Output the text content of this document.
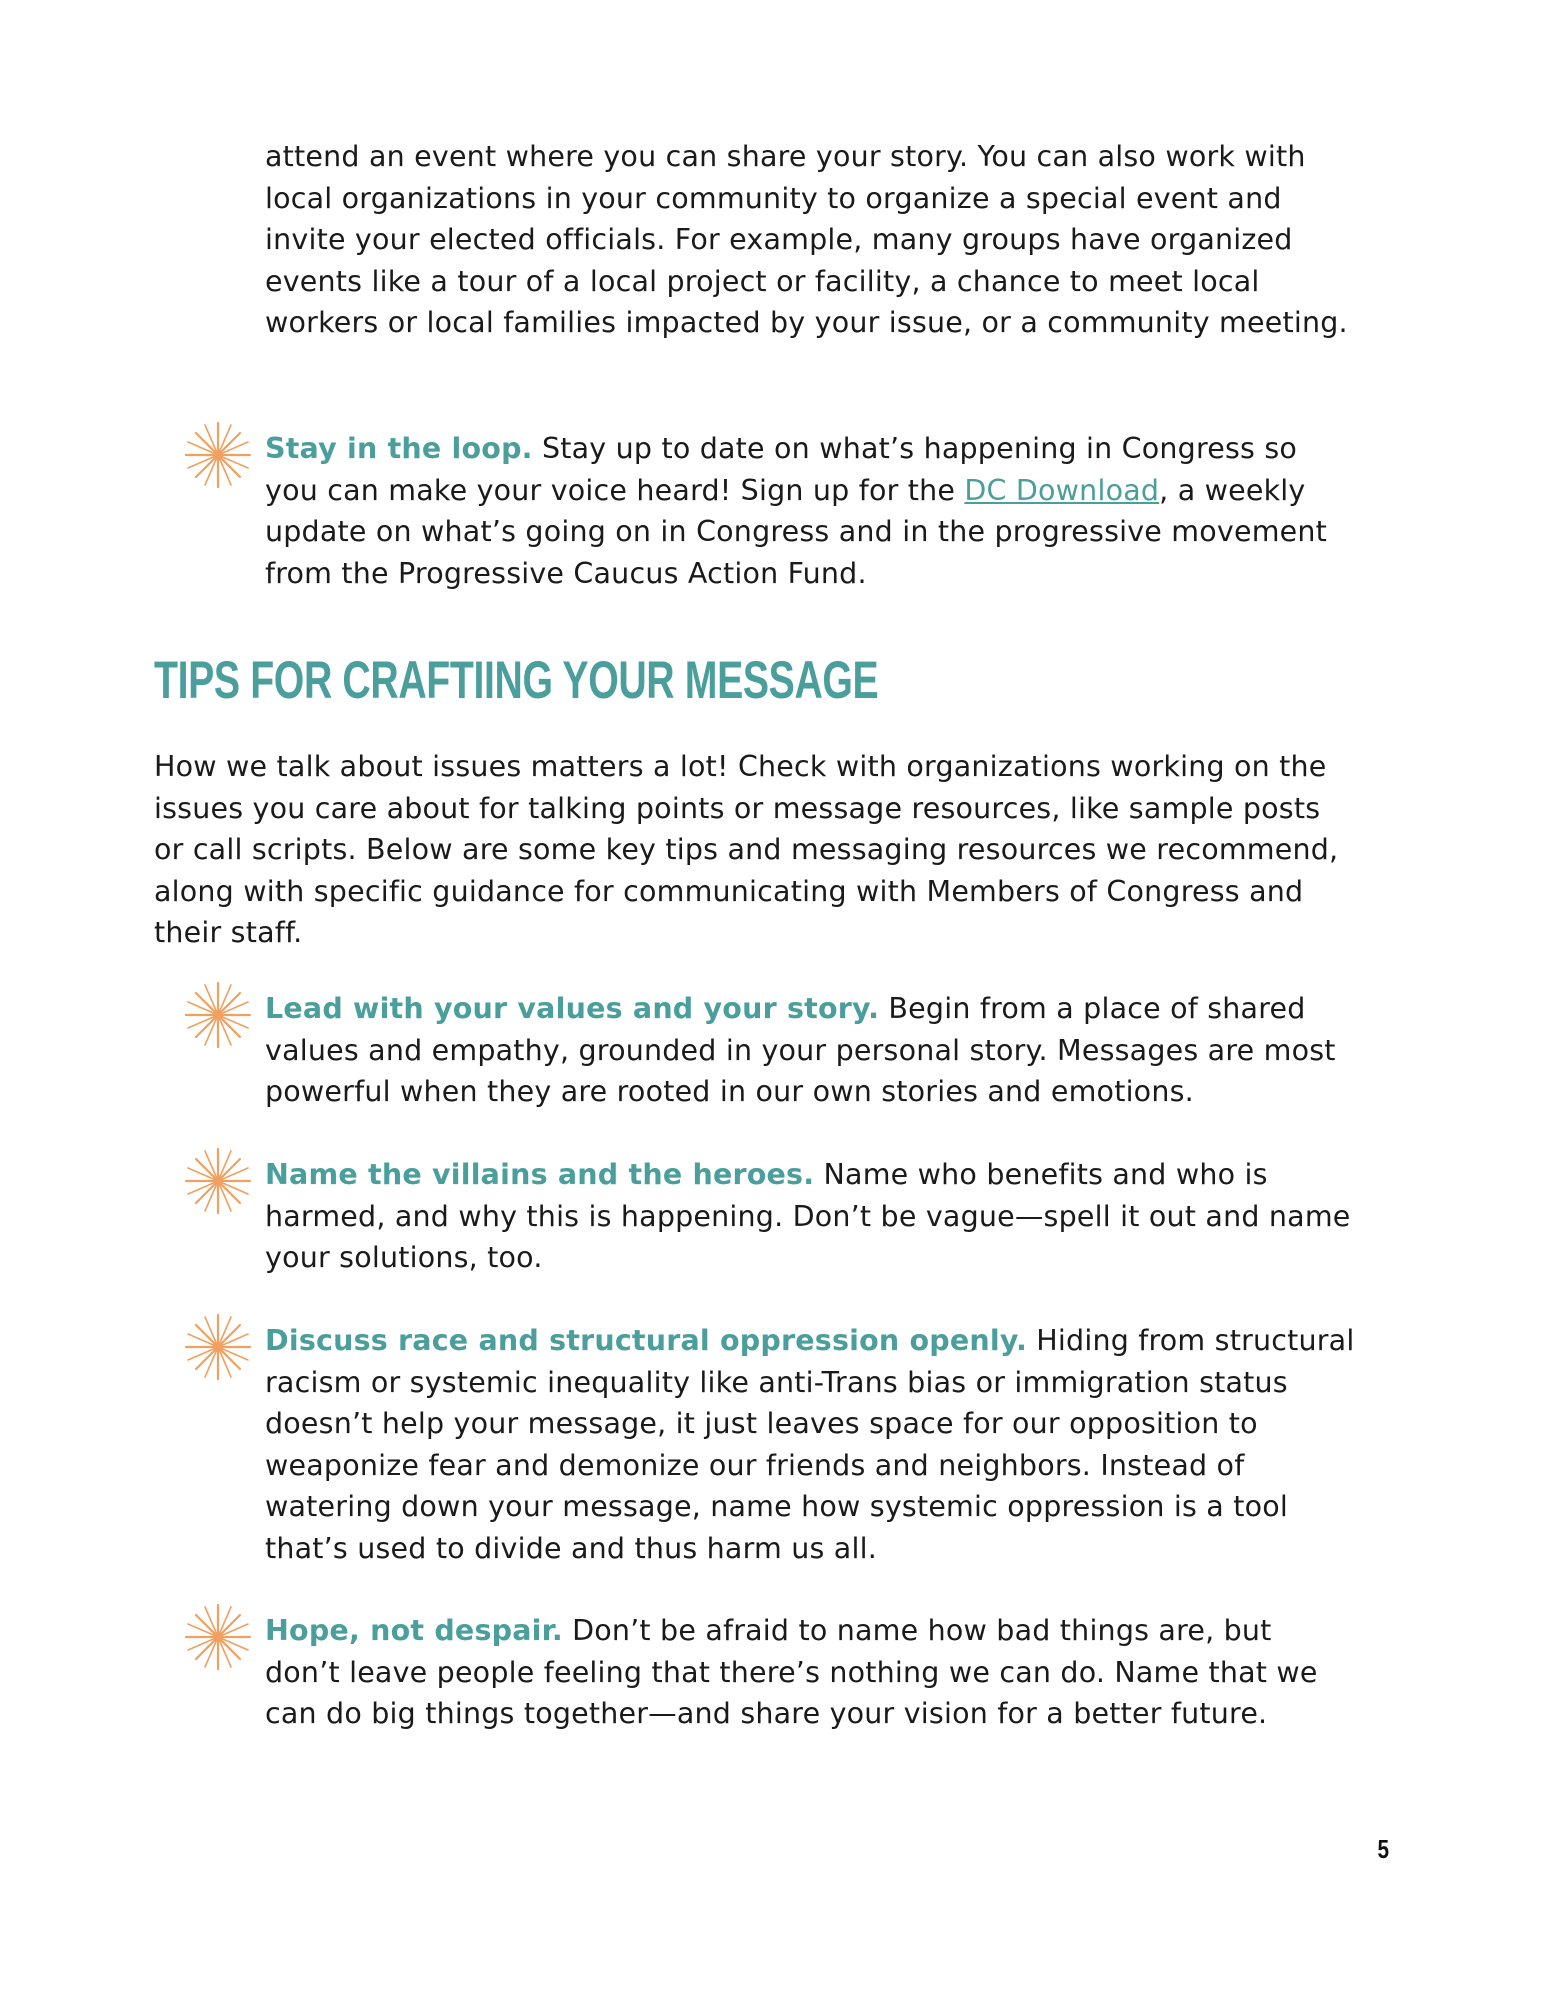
attend an event where you can share your story. You can also work with local organizations in your community to organize a special event and invite your elected officials. For example, many groups have organized events like a tour of a local project or facility, a chance to meet local workers or local families impacted by your issue, or a community meeting.

Stay in the loop. Stay up to date on what’s happening in Congress so you can make your voice heard! Sign up for the DC Download, a weekly update on what’s going on in Congress and in the progressive movement from the Progressive Caucus Action Fund.

TIPS FOR CRAFTIING YOUR MESSAGE

How we talk about issues matters a lot! Check with organizations working on the issues you care about for talking points or message resources, like sample posts or call scripts. Below are some key tips and messaging resources we recommend, along with specific guidance for communicating with Members of Congress and their staff.

Lead with your values and your story. Begin from a place of shared values and empathy, grounded in your personal story. Messages are most powerful when they are rooted in our own stories and emotions.

Name the villains and the heroes. Name who benefits and who is harmed, and why this is happening. Don’t be vague—spell it out and name your solutions, too.

Discuss race and structural oppression openly. Hiding from structural racism or systemic inequality like anti-Trans bias or immigration status doesn’t help your message, it just leaves space for our opposition to weaponize fear and demonize our friends and neighbors. Instead of watering down your message, name how systemic oppression is a tool that’s used to divide and thus harm us all.

Hope, not despair. Don’t be afraid to name how bad things are, but don’t leave people feeling that there’s nothing we can do. Name that we can do big things together—and share your vision for a better future.

5
